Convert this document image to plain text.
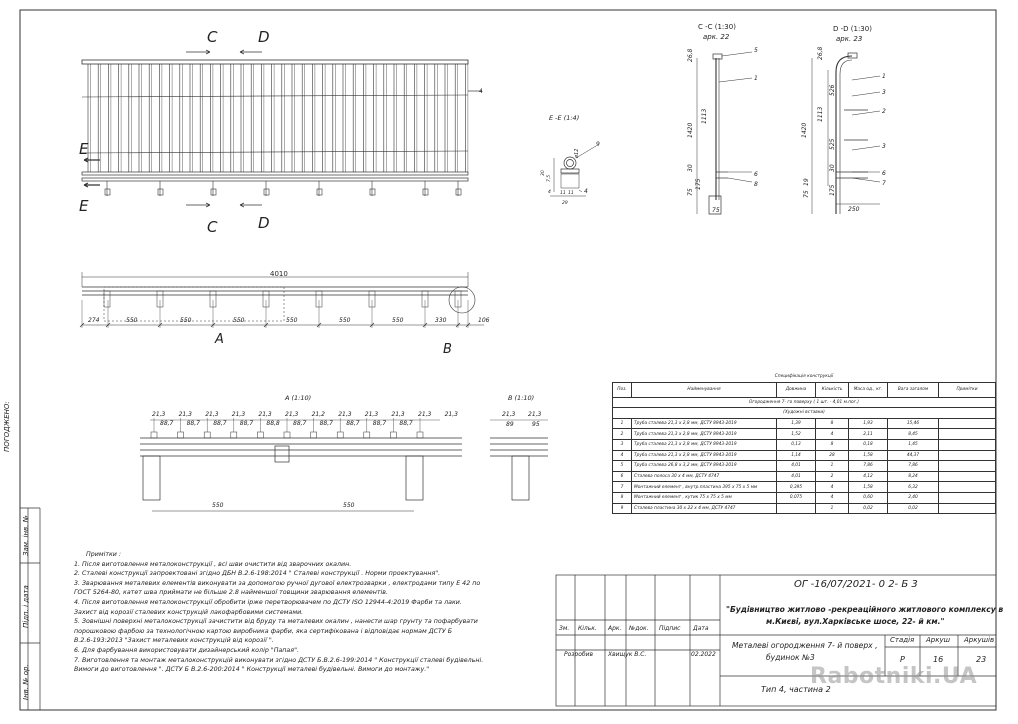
C	D
C	D
E
E
4
4010
274	550	550	550	550	550	550	330	106
A
B
C -C (1:30)
арк. 22
26,8
1420
1113
30
75
175
75
5
1
6
8
D -D (1:30)
арк. 23
26,8
1420
526
1113
525
30
19
75	175
250
1
3
2
3
6
7
E -E (1:4)
ø12
30
7,5
4 11 11
29
9
4
A (1:10)
21,3 21,3 21,3 21,3 21,3 21,3 21,2 21,3 21,3 21,3 21,3 21,3
88,7 88,7 88,7 88,7 88,8 88,7 88,7 88,7 88,7 88,7
550	550
B (1:10)
21,3 21,3
89	95
ПОГОДЖЕНО:
Зам. інв. №
Підп. і дата
Інв. № ор.
Специфікація конструкції						
Поз.	Найменування	Довжина	Кількість	Маса од., кг.	Вага загалом	Примітки
Огородження 7- го поверху ( 1 шт. - 4,01 м.пог.)						
(Художні вставки)						
1	Труба сталева 21,3 х 2,8 мм, ДСТУ 8943-2019	1,39	8	1,93	15,46	
2	Труба сталева 21,3 х 2,8 мм, ДСТУ 8943-2019	1,52	4	2,11	8,45	
3	Труба сталева 21,3 х 2,8 мм, ДСТУ 8943-2019	0,13	8	0,18	1,45	
4	Труба сталева 21,3 х 2,8 мм, ДСТУ 8943-2019	1,14	28	1,58	44,37	
5	Труба сталева 26,8 х 3,2 мм, ДСТУ 8943-2019	4,01	1	7,86	7,86	
6	Сталева полоса 30 х 4 мм, ДСТУ 4747	4,01	2	4,12	8,24	
7	Монтажний елемент , внутр.пластина 395 х 75 х 5 мм	0,395	4	1,58	6,32	
8	Монтажний елемент , кутик 75 х 75 х 5 мм	0,075	4	0,60	2,40	
9	Сталева пластина 30 х 22 х 4 мм, ДСТУ 4747		1	0,02	0,02	
Примітки :
1. Після виготовлення металоконструкції , всі шви очистити від зварочних окалин.
2. Сталеві конструкції запроектовані згідно ДБН В.2.6-198:2014 " Сталеві конструкції . Норми проектування".
3. Зварювання металевих елементів виконувати за допомогою ручної дугової електрозварки , електродами типу Е 42 по
ГОСТ 5264-80, катет шва приймати не більше 2.8 найменшої товщини зварювання елементів.
4. Після виготовлення металоконструкції обробити ірже перетворювачем по ДСТУ ISO 12944-4:2019 Фарби та лаки.
Захист від корозії сталевих конструкцій лакофарбовими системами.
5. Зовнішні поверхні металоконструкції зачистити від бруду та металевих окалин , нанести шар грунту та пофарбувати
порошковою фарбою за технологічною картою виробника фарби, яка сертифікована і відповідає нормам ДСТУ Б
В.2.6-193:2013 "Захист металевих конструкцій від корозії ".
6. Для фарбування використовувати дизайнерський колір "Папая".
7. Виготовлення та монтаж металоконструкцій виконувати згідно ДСТУ Б.В.2.6-199:2014 " Конструкції сталеві будівельні.
Вимоги до виготовлення ". ДСТУ Б В.2.6-200:2014 " Конструкції металеві будівельні. Вимоги до монтажу."
ОГ -16/07/2021- 0 2- Б 3
"Будівництво житлово -рекреаційного житлового комплексу в
м.Києві, вул.Харківське шосе, 22- й км."
Зм. Кільк. Арк. №док. Підпис Дата
Розробив Хвищук В.С.	02.2022
Металеві огородження 7- й поверх ,
будинок №3
Стадія Аркуш Аркушів
Р	16	23
Тип 4, частина 2
Rabotniki.UA
